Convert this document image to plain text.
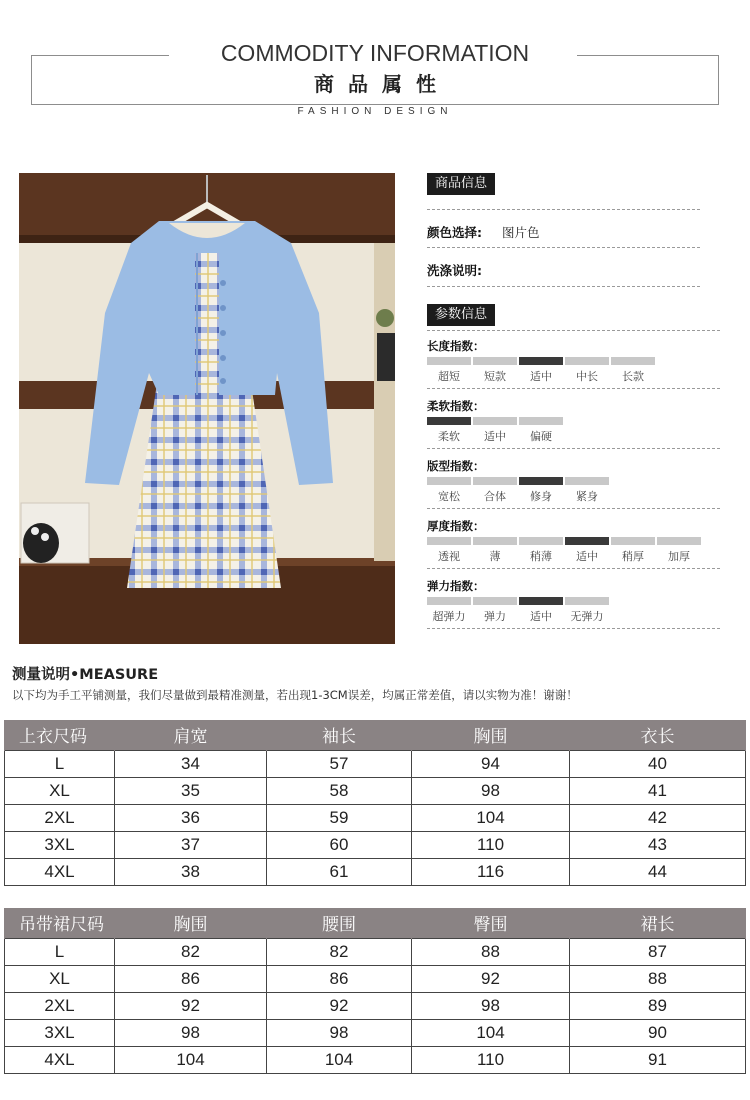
COMMODITY INFORMATION
商品属性
FASHION DESIGN
商品信息
颜色选择: 图片色
洗涤说明:
参数信息
长度指数：
超短	短款	适中	中长	长款
柔软指数：
柔软	适中	偏硬
版型指数：
宽松	合体	修身	紧身
厚度指数：
透视	薄	稍薄	适中	稍厚	加厚
弹力指数：
超弹力	弹力	适中	无弹力
测量说明•MEASURE
以下均为手工平铺测量，我们尽量做到最精准测量，若出现1-3CM误差，均属正常差值，请以实物为准！谢谢！
上衣尺码	肩宽	袖长	胸围	衣长
L	34	57	94	40
XL	35	58	98	41
2XL	36	59	104	42
3XL	37	60	110	43
4XL	38	61	116	44
吊带裙尺码	胸围	腰围	臀围	裙长
L	82	82	88	87
XL	86	86	92	88
2XL	92	92	98	89
3XL	98	98	104	90
4XL	104	104	110	91
